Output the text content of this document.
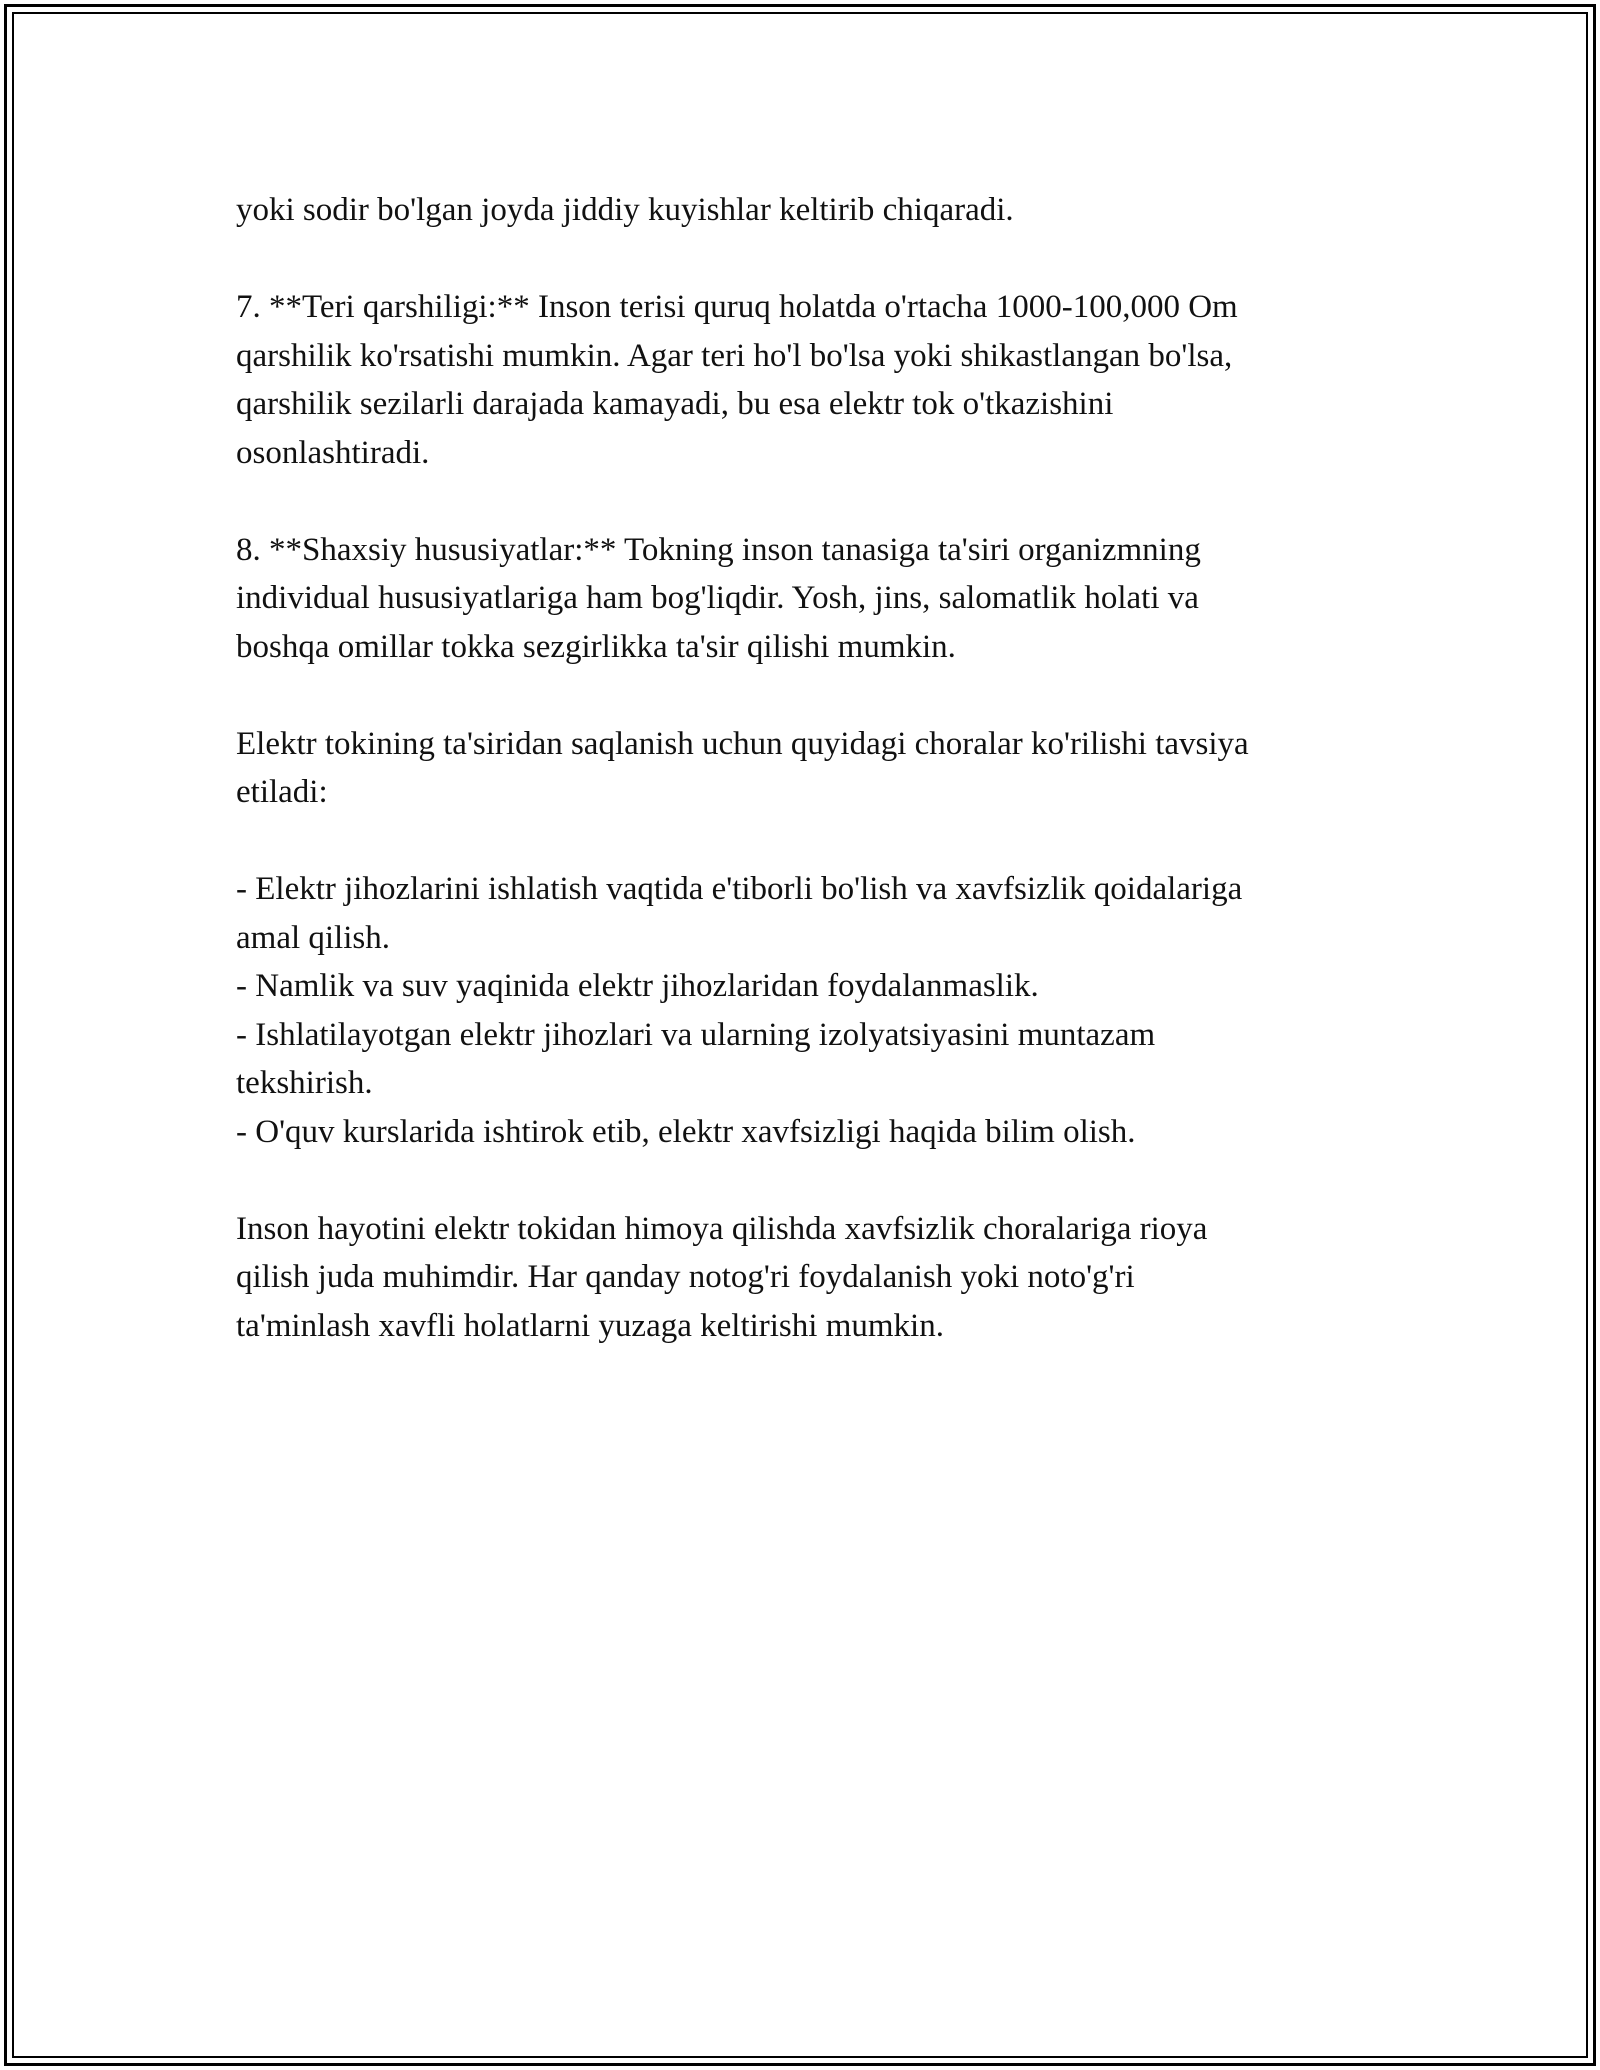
yoki sodir bo'lgan joyda jiddiy kuyishlar keltirib chiqaradi.
7. **Teri qarshiligi:** Inson terisi quruq holatda o'rtacha 1000-100,000 Om
qarshilik ko'rsatishi mumkin. Agar teri ho'l bo'lsa yoki shikastlangan bo'lsa,
qarshilik sezilarli darajada kamayadi, bu esa elektr tok o'tkazishini
osonlashtiradi.
8. **Shaxsiy hususiyatlar:** Tokning inson tanasiga ta'siri organizmning
individual hususiyatlariga ham bog'liqdir. Yosh, jins, salomatlik holati va
boshqa omillar tokka sezgirlikka ta'sir qilishi mumkin.
Elektr tokining ta'siridan saqlanish uchun quyidagi choralar ko'rilishi tavsiya
etiladi:
- Elektr jihozlarini ishlatish vaqtida e'tiborli bo'lish va xavfsizlik qoidalariga
amal qilish.
- Namlik va suv yaqinida elektr jihozlaridan foydalanmaslik.
- Ishlatilayotgan elektr jihozlari va ularning izolyatsiyasini muntazam
tekshirish.
- O'quv kurslarida ishtirok etib, elektr xavfsizligi haqida bilim olish.
Inson hayotini elektr tokidan himoya qilishda xavfsizlik choralariga rioya
qilish juda muhimdir. Har qanday notog'ri foydalanish yoki noto'g'ri
ta'minlash xavfli holatlarni yuzaga keltirishi mumkin.
